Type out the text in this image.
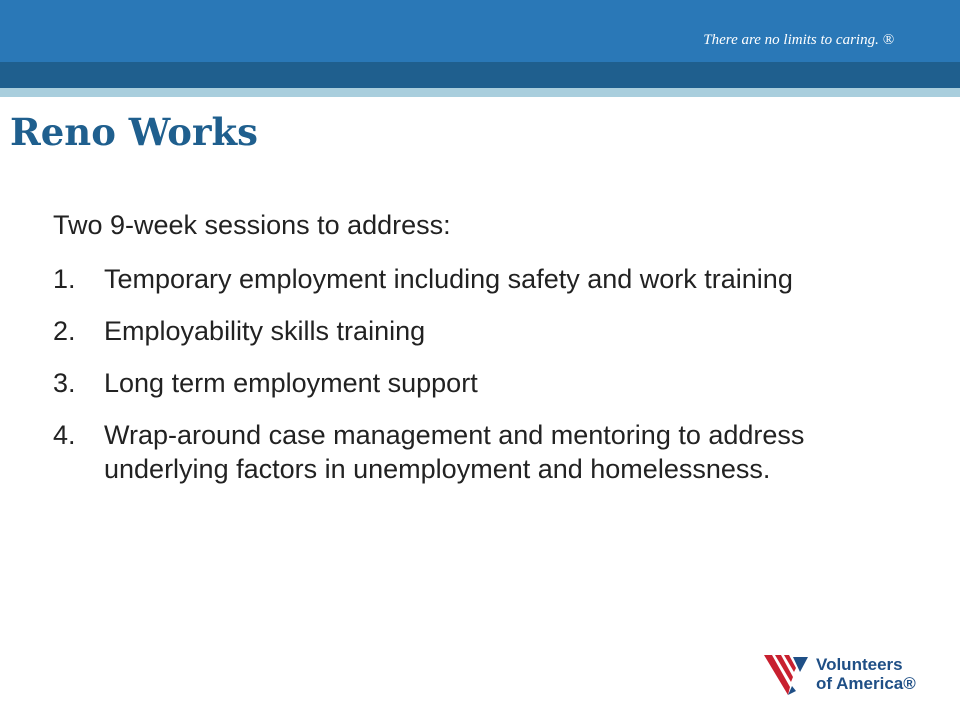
There are no limits to caring. ®
Reno Works
Two 9-week sessions to address:
1.	Temporary employment including safety and work training
2.	Employability skills training
3.	Long term employment support
4.	Wrap-around case management and mentoring to address underlying factors in unemployment and homelessness.
Volunteers
of America®
